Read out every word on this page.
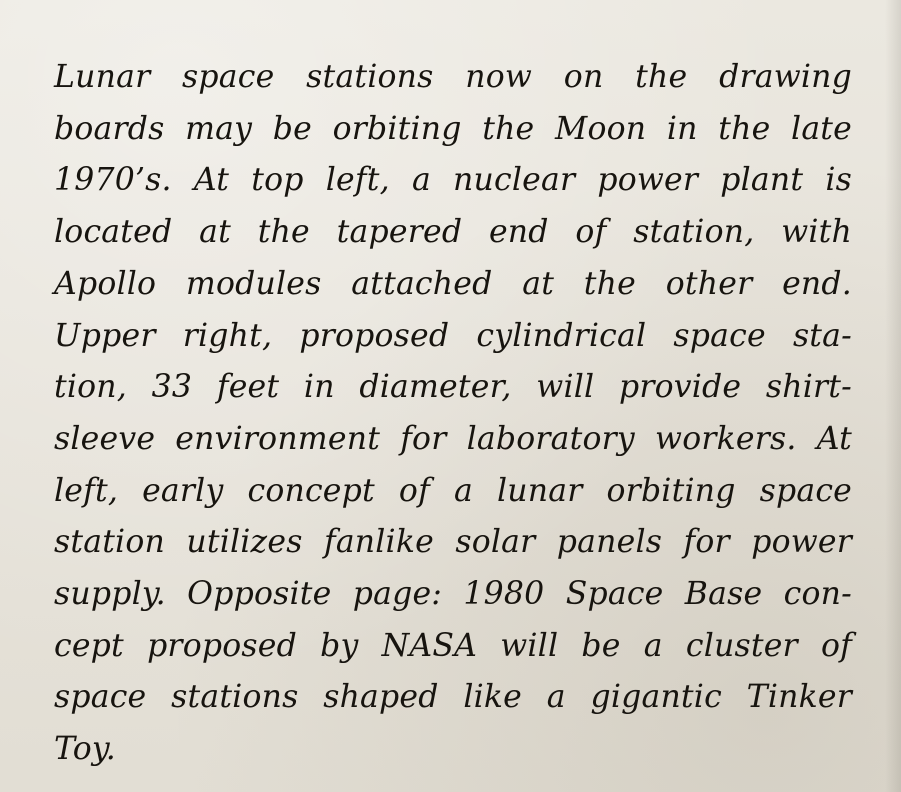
Lunar space stations now on the drawing
boards may be orbiting the Moon in the late
1970’s. At top left, a nuclear power plant is
located at the tapered end of station, with
Apollo modules attached at the other end.
Upper right, proposed cylindrical space sta-
tion, 33 feet in diameter, will provide shirt-
sleeve environment for laboratory workers. At
left, early concept of a lunar orbiting space
station utilizes fanlike solar panels for power
supply. Opposite page: 1980 Space Base con-
cept proposed by NASA will be a cluster of
space stations shaped like a gigantic Tinker
Toy.
